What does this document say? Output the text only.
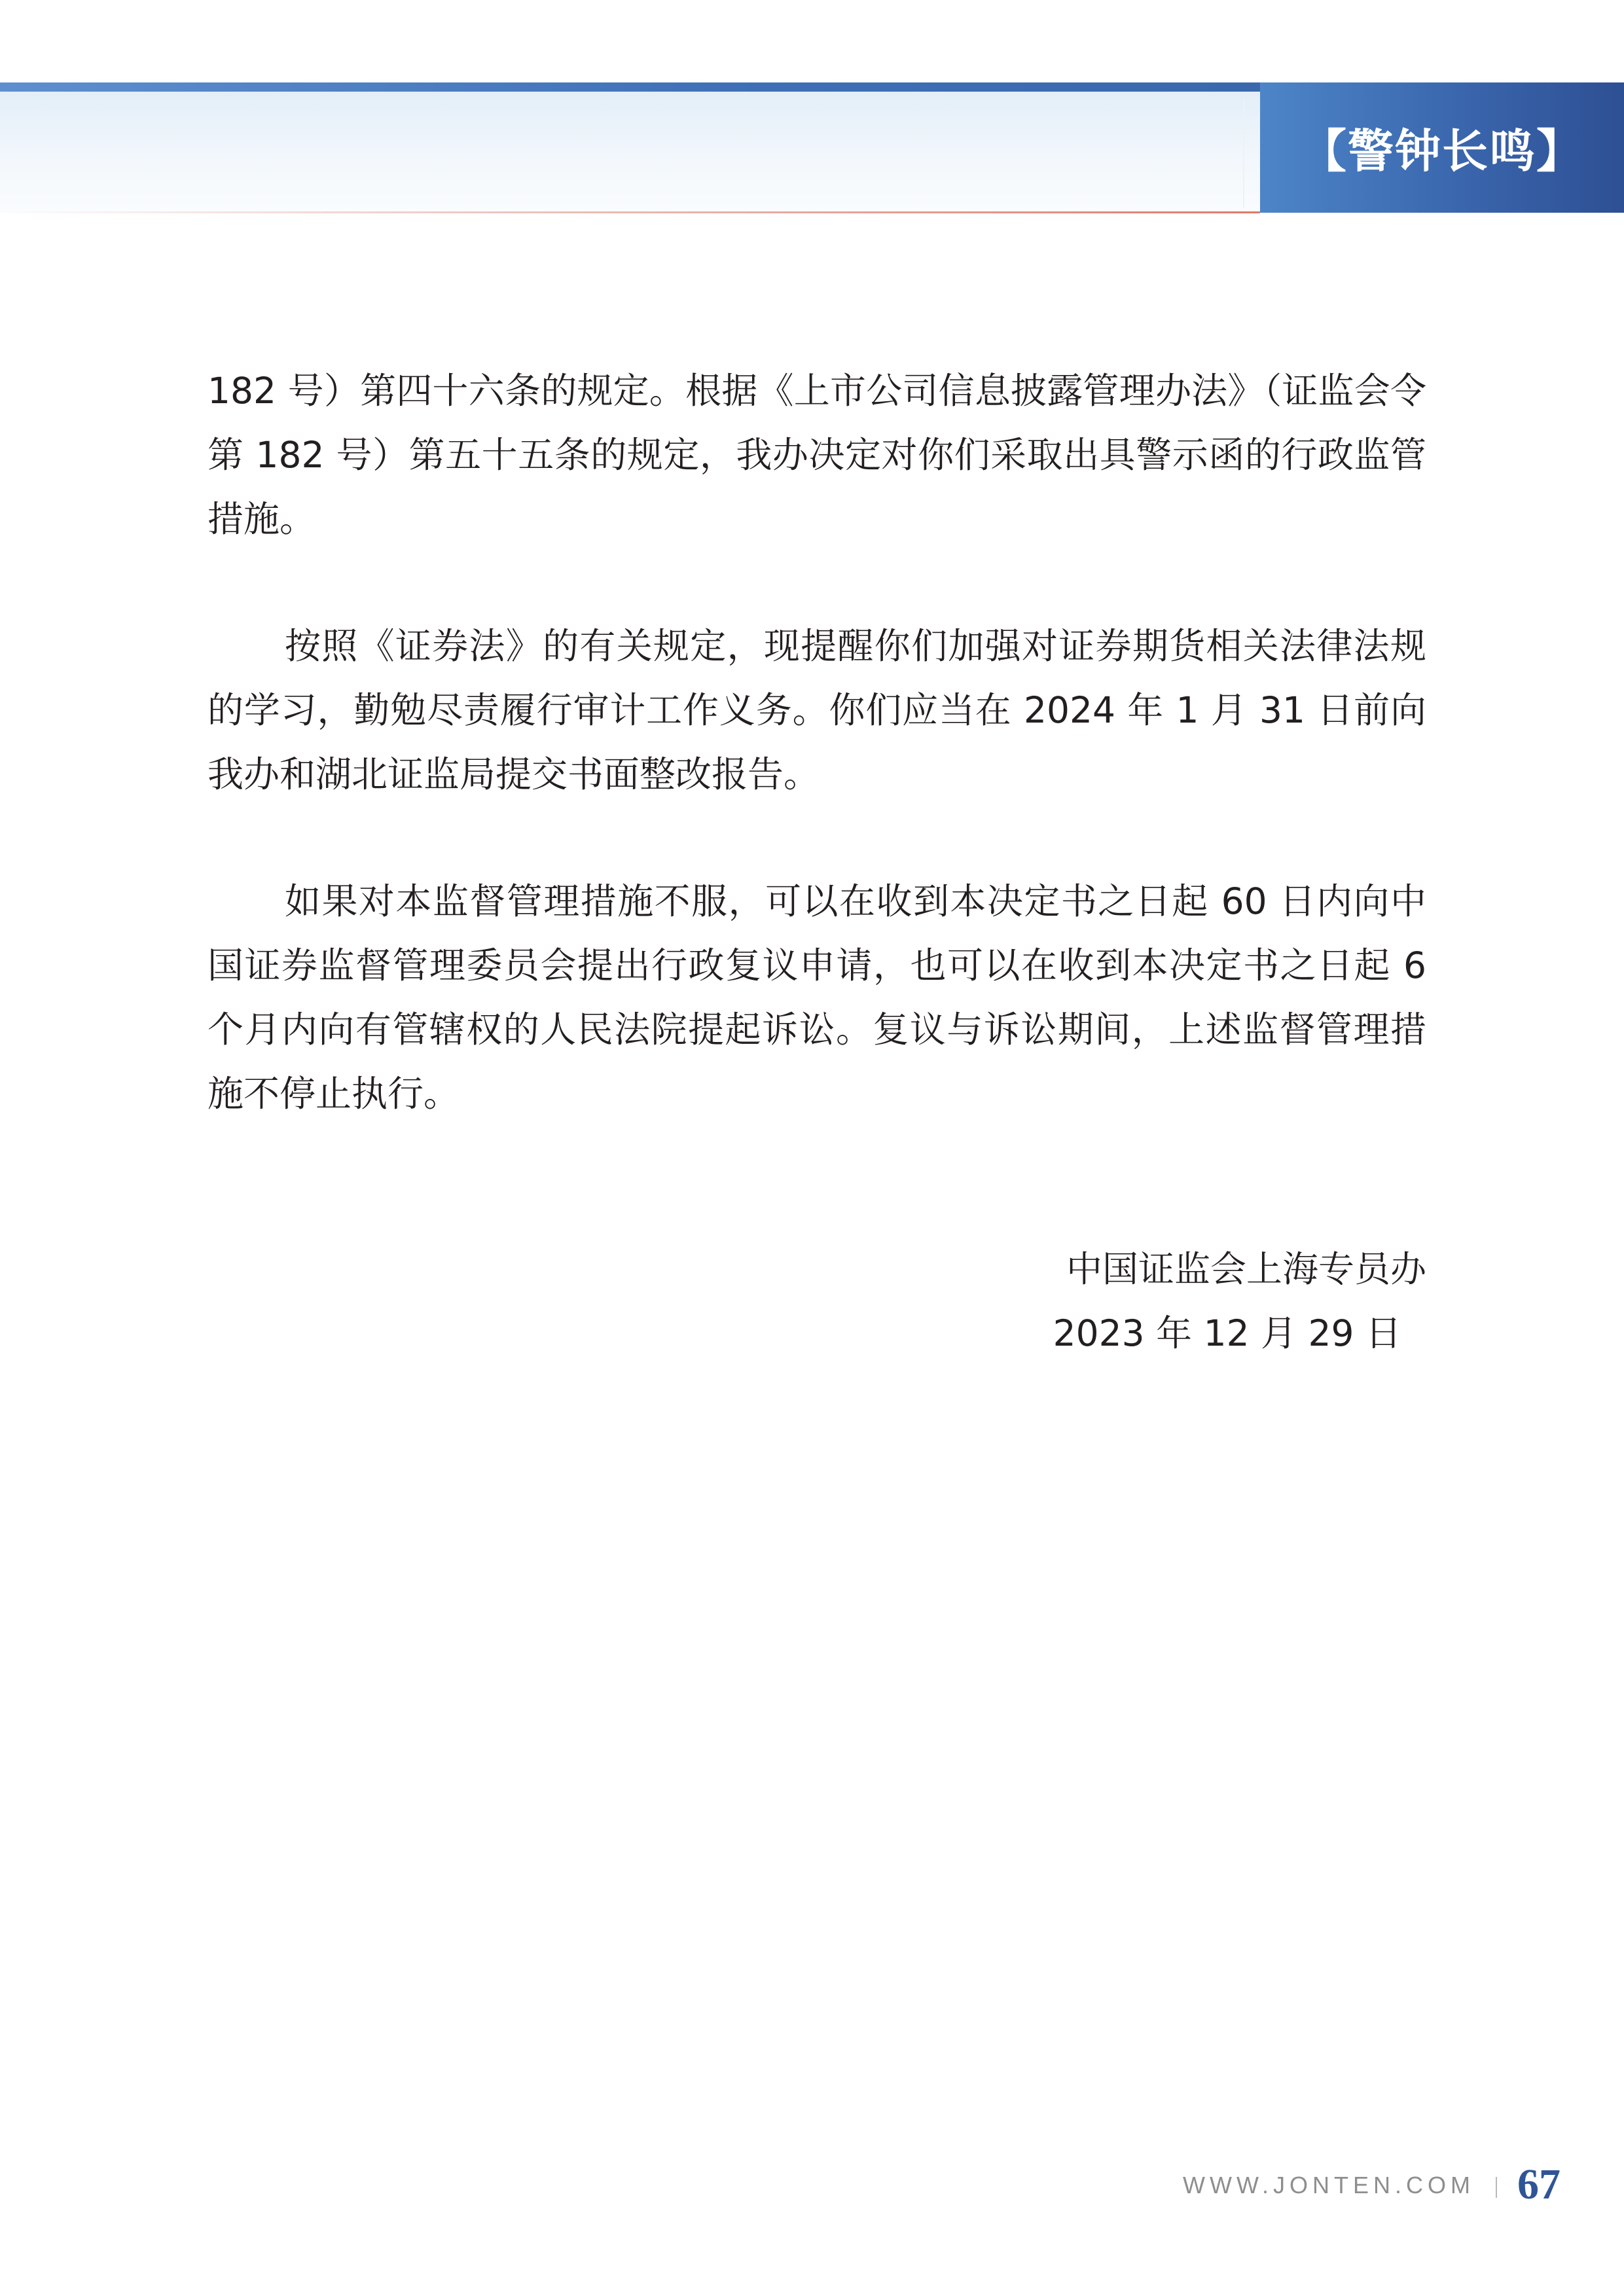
【警钟长鸣】

182 号）第四十六条的规定。根据《上市公司信息披露管理办法》（证监会令第 182 号）第五十五条的规定，我办决定对你们采取出具警示函的行政监管措施。

按照《证券法》的有关规定，现提醒你们加强对证券期货相关法律法规的学习，勤勉尽责履行审计工作义务。你们应当在 2024 年 1 月 31 日前向我办和湖北证监局提交书面整改报告。

如果对本监督管理措施不服，可以在收到本决定书之日起 60 日内向中国证券监督管理委员会提出行政复议申请，也可以在收到本决定书之日起 6 个月内向有管辖权的人民法院提起诉讼。复议与诉讼期间，上述监督管理措施不停止执行。

中国证监会上海专员办

2023 年 12 月 29 日
WWW.JONTEN.COM 67
